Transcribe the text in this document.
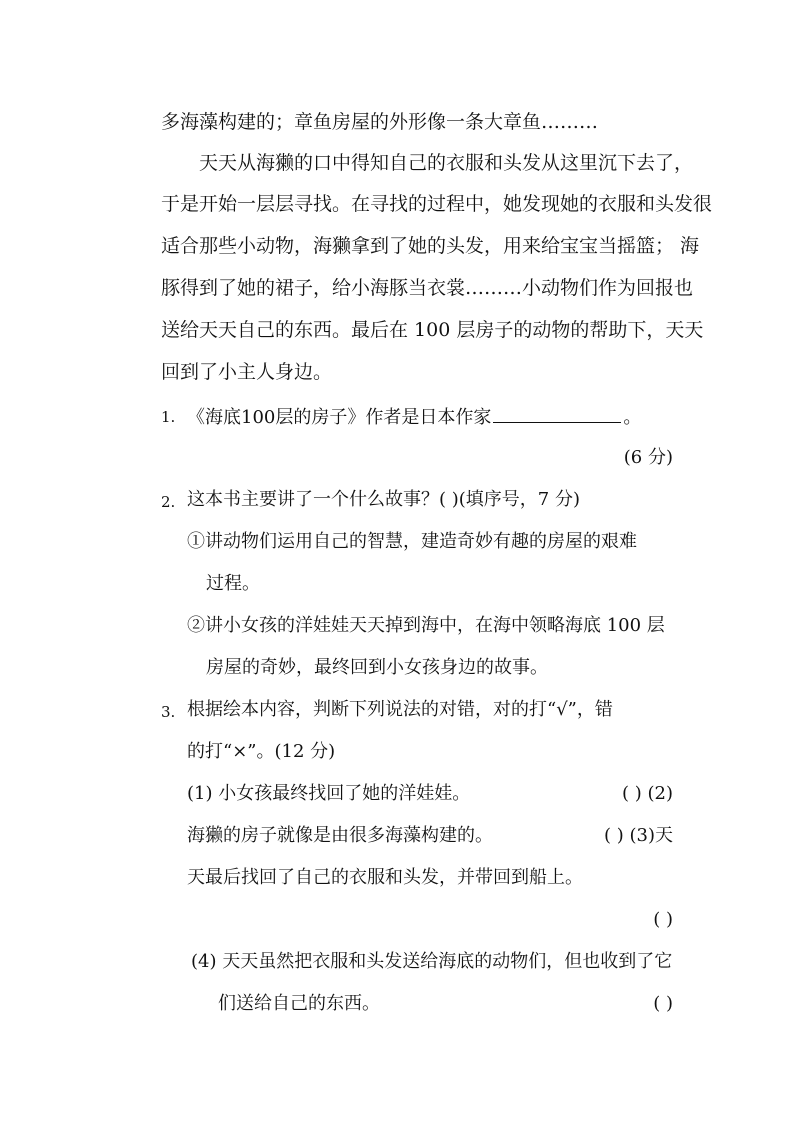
多海藻构建的；章鱼房屋的外形像一条大章鱼………
天天从海獭的口中得知自己的衣服和头发从这里沉下去了，
于是开始一层层寻找。在寻找的过程中，她发现她的衣服和头发很
适合那些小动物，海獭拿到了她的头发，用来给宝宝当摇篮； 海
豚得到了她的裙子，给小海豚当衣裳………小动物们作为回报也
送给天天自己的东西。最后在 100 层房子的动物的帮助下，天天
回到了小主人身边。
1. 《海底100层的房子》作者是日本作家	。
(6 分)
2. 这本书主要讲了一个什么故事？( )(填序号，7 分)
①讲动物们运用自己的智慧，建造奇妙有趣的房屋的艰难
过程。
②讲小女孩的洋娃娃天天掉到海中，在海中领略海底 100 层
房屋的奇妙，最终回到小女孩身边的故事。
3. 根据绘本内容，判断下列说法的对错，对的打“√”，错
的打“×”。(12 分)
(1) 小女孩最终找回了她的洋娃娃。	( ) (2)
海獭的房子就像是由很多海藻构建的。	( ) (3)天
天最后找回了自己的衣服和头发，并带回到船上。
( )
(4) 天天虽然把衣服和头发送给海底的动物们，但也收到了它
们送给自己的东西。	( )
